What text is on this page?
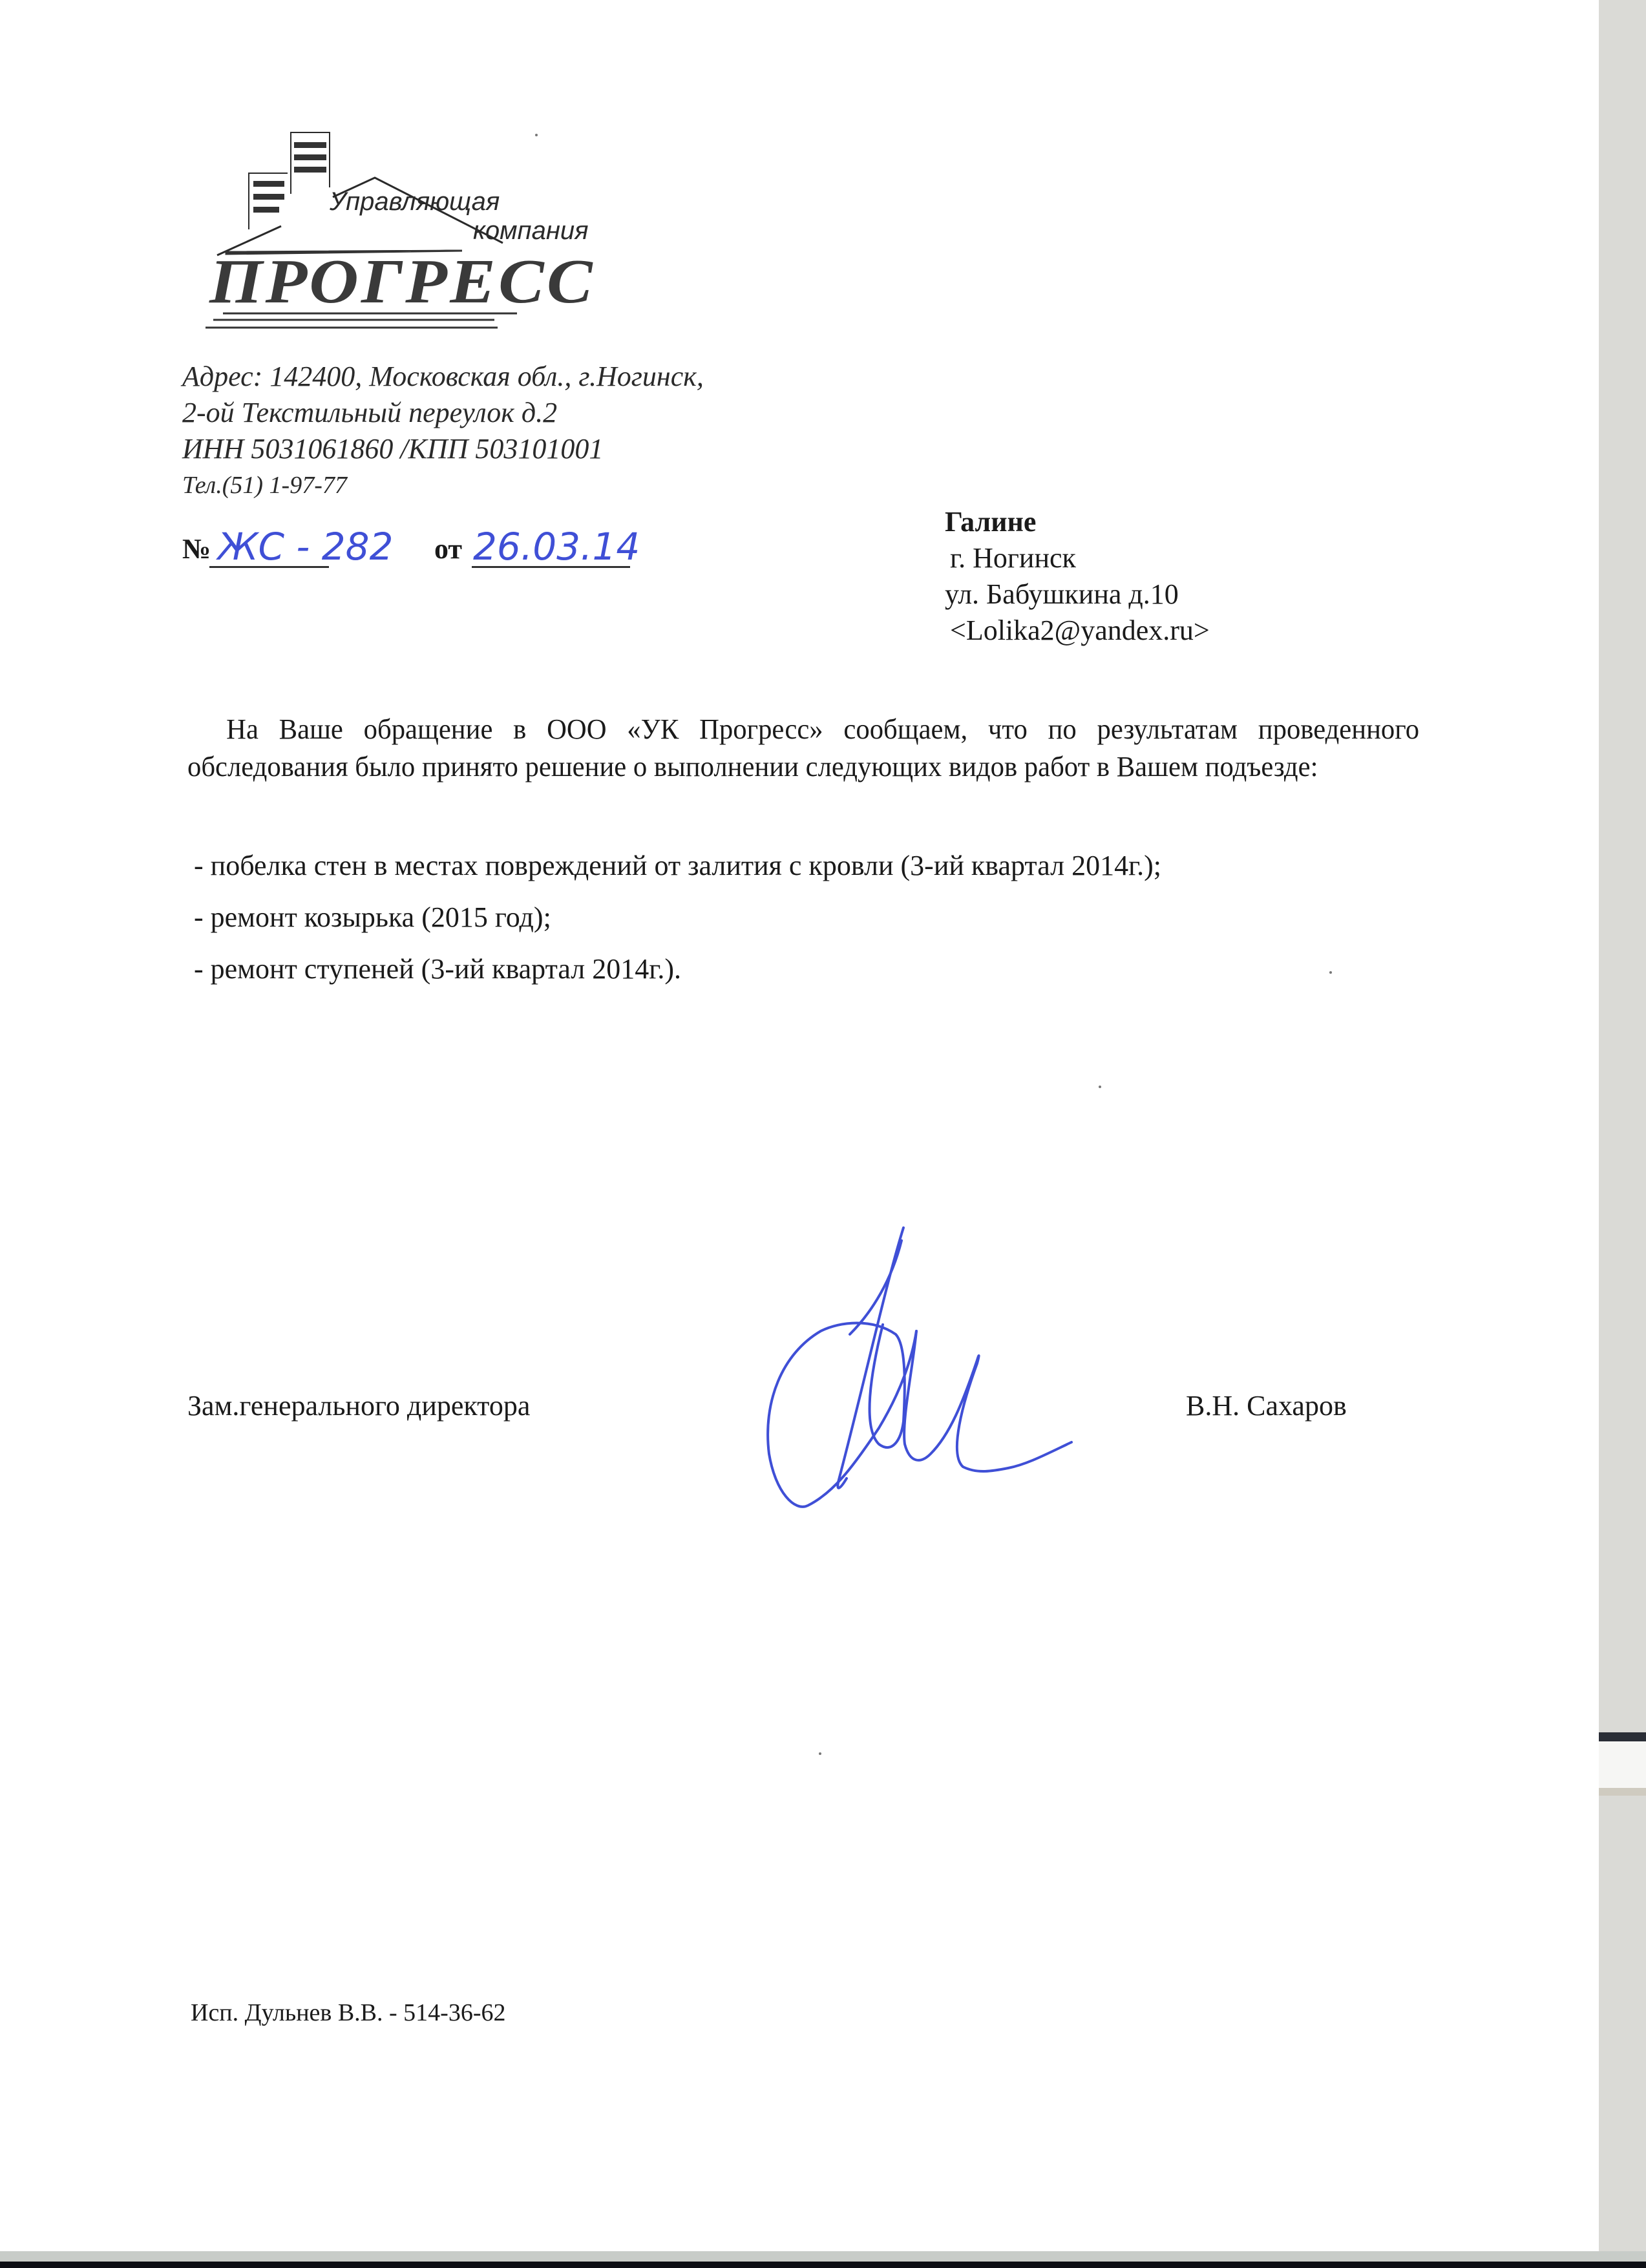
Управляющая
компания
ПРОГРЕСС
Адрес: 142400, Московская обл., г.Ногинск,
2-ой Текстильный переулок д.2
ИНН 5031061860 /КПП 503101001
Тел.(51) 1-97-77
№ ЖС - 282 от 26.03.14
Галине
г. Ногинск
ул. Бабушкина д.10
<Lolika2@yandex.ru>

На Ваше обращение в ООО «УК Прогресс» сообщаем, что по результатам проведенного обследования было принято решение о выполнении следующих видов работ в Вашем подъезде:

- побелка стен в местах повреждений от залития с кровли (3-ий квартал 2014г.);
- ремонт козырька (2015 год);
- ремонт ступеней (3-ий квартал 2014г.).
Зам.генерального директора	В.Н. Сахаров
Исп. Дульнев В.В. - 514-36-62
